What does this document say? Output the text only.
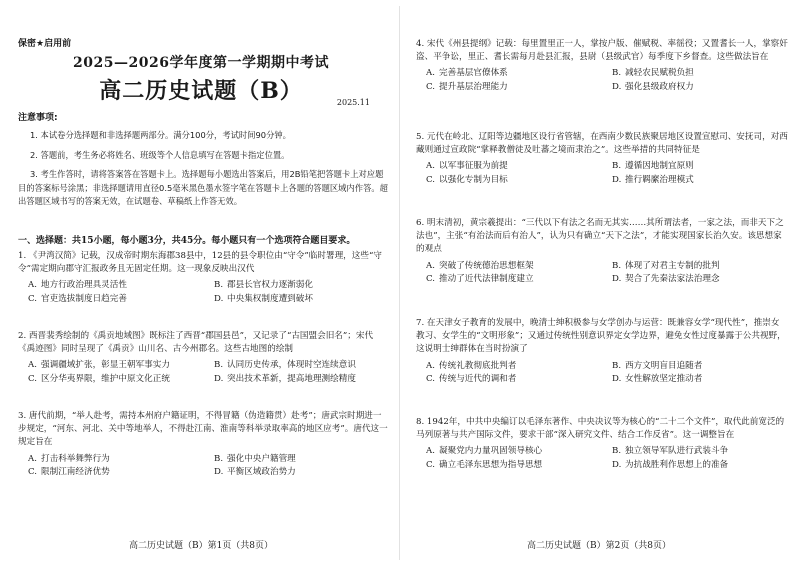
保密★启用前
2025—2026学年度第一学期期中考试
高二历史试题（B）	2025.11

注意事项:

1. 本试卷分选择题和非选择题两部分。满分100分，考试时间90分钟。

2. 答题前，考生务必将姓名、班级等个人信息填写在答题卡指定位置。

3. 考生作答时，请将答案答在答题卡上。选择题每小题选出答案后，用2B铅笔把答题卡上对应题目的答案标号涂黑；非选择题请用直径0.5毫米黑色墨水签字笔在答题卡上各题的答题区域内作答。超出答题区域书写的答案无效，在试题卷、草稿纸上作答无效。

一、选择题：共15小题，每小题3分，共45分。每小题只有一个选项符合题目要求。

1. 《尹湾汉简》记载，汉成帝时期东海郡38县中，12县的县令职位由“守令”临时署理，这些“守令”需定期向郡守汇报政务且无固定任期。这一现象反映出汉代

A. 地方行政治理具灵活性	B. 郡县长官权力逐渐弱化
C. 官吏选拔制度日趋完善	D. 中央集权制度遭到破坏

2. 西晋裴秀绘制的《禹贡地域图》既标注了西晋“郡国县邑”，又记录了“古国盟会旧名”；宋代《禹迹图》同时呈现了《禹贡》山川名、古今州郡名。这些古地图的绘制

A. 强调疆域扩张，彰显王朝军事实力	B. 认同历史传承，体现时空连续意识
C. 区分华夷界限，维护中原文化正统	D. 突出技术革新，提高地理测绘精度

3. 唐代前期，“举人赴考，需持本州府户籍证明，不得冒籍（伪造籍贯）赴考”；唐武宗时期进一步规定，“河东、河北、关中等地举人，不得赴江南、淮南等科举录取率高的地区应考”。唐代这一规定旨在

A. 打击科举舞弊行为	B. 强化中央户籍管理
C. 限制江南经济优势	D. 平衡区域政治势力
高二历史试题（B）第1页（共8页）

4. 宋代《州县提纲》记载：每里置里正一人，掌按户版、催赋税、率徭役；又置耆长一人，掌察奸盗、平争讼，里正、耆长需每月赴县汇报，县尉（县级武官）每季度下乡督查。这些做法旨在

A. 完善基层官僚体系	B. 减轻农民赋税负担
C. 提升基层治理能力	D. 强化县级政府权力

5. 元代在岭北、辽阳等边疆地区设行省管辖，在西南少数民族聚居地区设置宣慰司、安抚司，对西藏则通过宣政院“掌释教僧徒及吐蕃之境而隶治之”。这些举措的共同特征是

A. 以军事征服为前提	B. 遵循因地制宜原则
C. 以强化专制为目标	D. 推行羁縻治理模式

6. 明末清初，黄宗羲提出：“三代以下有法之名而无其实……其所谓法者，一家之法，而非天下之法也”，主张“有治法而后有治人”，认为只有确立“天下之法”，才能实现国家长治久安。该思想家的观点

A. 突破了传统德治思想框架	B. 体现了对君主专制的批判
C. 推动了近代法律制度建立	D. 契合了先秦法家法治理念

7. 在天津女子教育的发展中，晚清士绅积极参与女学创办与运营：既兼容女学“现代性”，推崇女教习、女学生的“文明形象”；又通过传统性别意识界定女学边界，避免女性过度暴露于公共视野，这说明士绅群体在当时扮演了

A. 传统礼教彻底批判者	B. 西方文明盲目追随者
C. 传统与近代的调和者	D. 女性解放坚定推动者

8. 1942年，中共中央编订以毛泽东著作、中央决议等为核心的“二十二个文件”，取代此前宽泛的马列原著与共产国际文件，要求干部“深入研究文件、结合工作反省”。这一调整旨在

A. 凝聚党内力量巩固领导核心	B. 独立领导军队进行武装斗争
C. 确立毛泽东思想为指导思想	D. 为抗战胜利作思想上的准备
高二历史试题（B）第2页（共8页）
